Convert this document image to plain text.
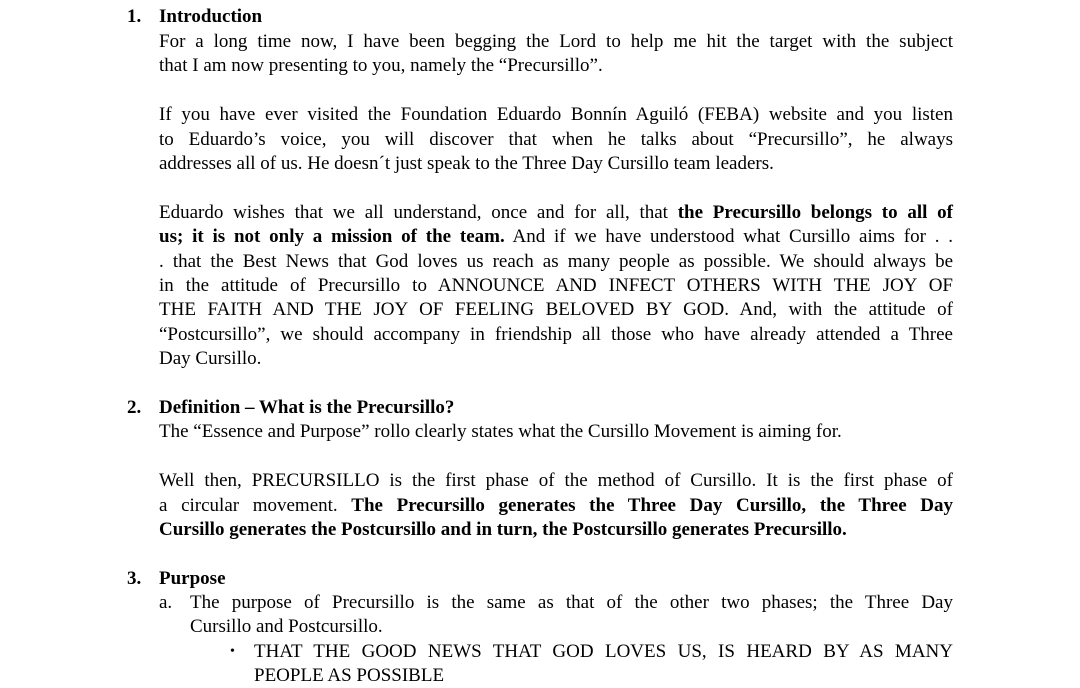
1. Introduction
For a long time now, I have been begging the Lord to help me hit the target with the subject
that I am now presenting to you, namely the “Precursillo”.
If you have ever visited the Foundation Eduardo Bonnín Aguiló (FEBA) website and you listen
to Eduardo’s voice, you will discover that when he talks about “Precursillo”, he always
addresses all of us. He doesn´t just speak to the Three Day Cursillo team leaders.
Eduardo wishes that we all understand, once and for all, that the Precursillo belongs to all of
us; it is not only a mission of the team. And if we have understood what Cursillo aims for . .
. that the Best News that God loves us reach as many people as possible. We should always be
in the attitude of Precursillo to ANNOUNCE AND INFECT OTHERS WITH THE JOY OF
THE FAITH AND THE JOY OF FEELING BELOVED BY GOD. And, with the attitude of
“Postcursillo”, we should accompany in friendship all those who have already attended a Three
Day Cursillo.
2. Definition – What is the Precursillo?
The “Essence and Purpose” rollo clearly states what the Cursillo Movement is aiming for.
Well then, PRECURSILLO is the first phase of the method of Cursillo. It is the first phase of
a circular movement. The Precursillo generates the Three Day Cursillo, the Three Day
Cursillo generates the Postcursillo and in turn, the Postcursillo generates Precursillo.
3. Purpose
a. The purpose of Precursillo is the same as that of the other two phases; the Three Day
Cursillo and Postcursillo.
• THAT THE GOOD NEWS THAT GOD LOVES US, IS HEARD BY AS MANY
PEOPLE AS POSSIBLE
